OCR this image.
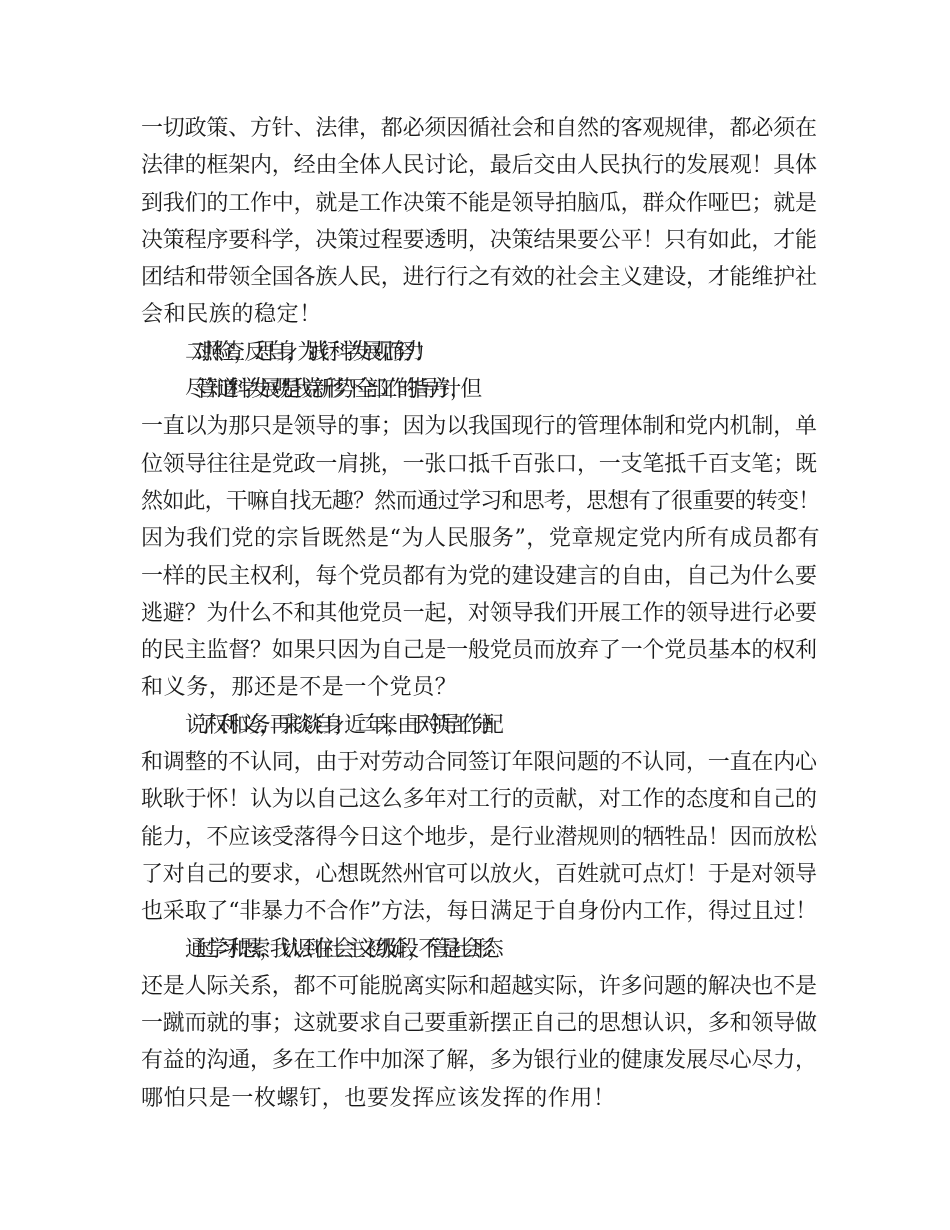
一切政策、方针、法律，都必须因循社会和自然的客观规律，都必须在
法律的框架内，经由全体人民讨论，最后交由人民执行的发展观！具体
到我们的工作中，就是工作决策不能是领导拍脑瓜，群众作哑巴；就是
决策程序要科学，决策过程要透明，决策结果要公平！只有如此，才能
团结和带领全国各族人民，进行行之有效的社会主义建设，才能维护社
会和民族的稳定！
二.对照检查，反思自身，为践行科学发展观而努力！
尽管知道“科学发展观”是我党新形势下全部工作的指导方针，但
一直以为那只是领导的事；因为以我国现行的管理体制和党内机制，单
位领导往往是党政一肩挑，一张口抵千百张口，一支笔抵千百支笔；既
然如此，干嘛自找无趣？然而通过学习和思考，思想有了很重要的转变！
因为我们党的宗旨既然是“为人民服务”，党章规定党内所有成员都有
一样的民主权利，每个党员都有为党的建设建言的自由，自己为什么要
逃避？为什么不和其他党员一起，对领导我们开展工作的领导进行必要
的民主监督？如果只因为自己是一般党员而放弃了一个党员基本的权利
和义务，那还是不是一个党员？
说了权利和义务，再来谈谈自身；近二年来，由于对领导工作分配
和调整的不认同，由于对劳动合同签订年限问题的不认同，一直在内心
耿耿于怀！认为以自己这么多年对工行的贡献，对工作的态度和自己的
能力，不应该受落得今日这个地步，是行业潜规则的牺牲品！因而放松
了对自己的要求，心想既然州官可以放火，百姓就可点灯！于是对领导
也采取了“非暴力不合作”方法，每日满足于自身份内工作，得过且过！
通过学习和思索，我认识到在社会主义初级阶段，不管是社会形态
还是人际关系，都不可能脱离实际和超越实际，许多问题的解决也不是
一蹴而就的事；这就要求自己要重新摆正自己的思想认识，多和领导做
有益的沟通，多在工作中加深了解，多为银行业的健康发展尽心尽力，
哪怕只是一枚螺钉，也要发挥应该发挥的作用！
